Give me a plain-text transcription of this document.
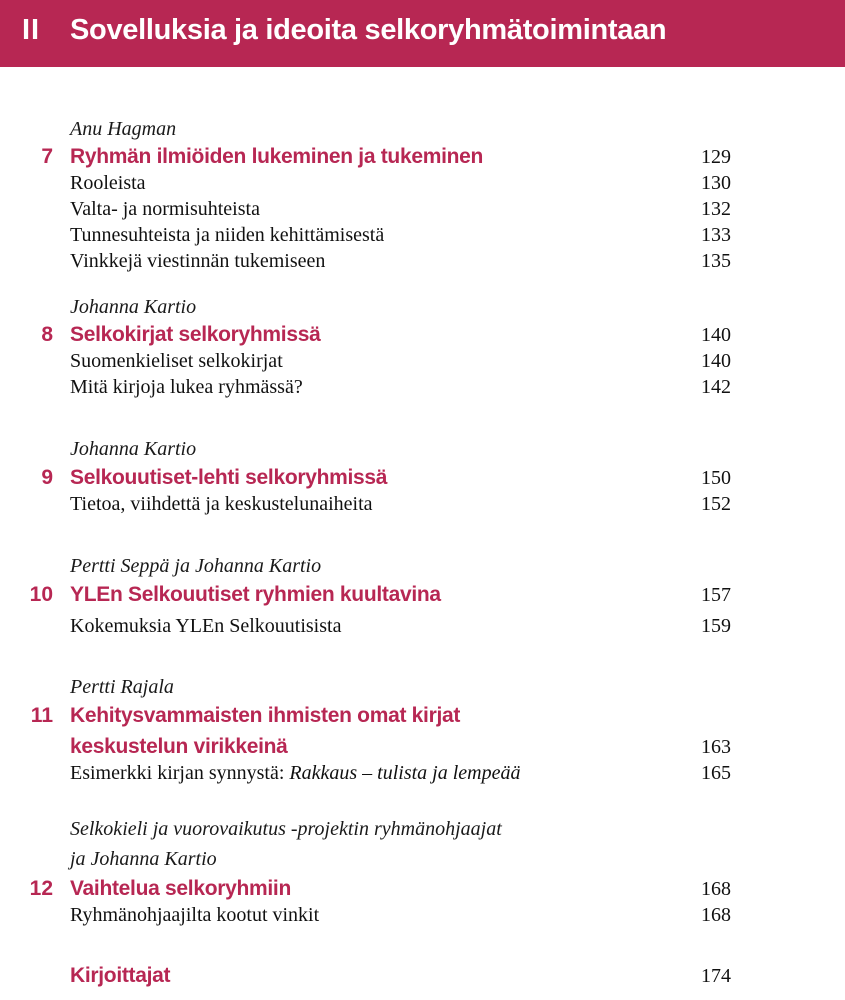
II Sovelluksia ja ideoita selkoryhmätoimintaan
Anu Hagman
7 Ryhmän ilmiöiden lukeminen ja tukeminen	129
Rooleista	130
Valta- ja normisuhteista	132
Tunnesuhteista ja niiden kehittämisestä	133
Vinkkejä viestinnän tukemiseen	135
Johanna Kartio
8 Selkokirjat selkoryhmissä	140
Suomenkieliset selkokirjat	140
Mitä kirjoja lukea ryhmässä?	142
Johanna Kartio
9 Selkouutiset-lehti selkoryhmissä	150
Tietoa, viihdettä ja keskustelunaiheita	152
Pertti Seppä ja Johanna Kartio
10 YLEn Selkouutiset ryhmien kuultavina	157
Kokemuksia YLEn Selkouutisista	159
Pertti Rajala
11 Kehitysvammaisten ihmisten omat kirjat
keskustelun virikkeinä	163
Esimerkki kirjan synnystä: Rakkaus – tulista ja lempeää	165
Selkokieli ja vuorovaikutus -projektin ryhmänohjaajat
ja Johanna Kartio
12 Vaihtelua selkoryhmiin	168
Ryhmänohjaajilta kootut vinkit	168
Kirjoittajat	174
